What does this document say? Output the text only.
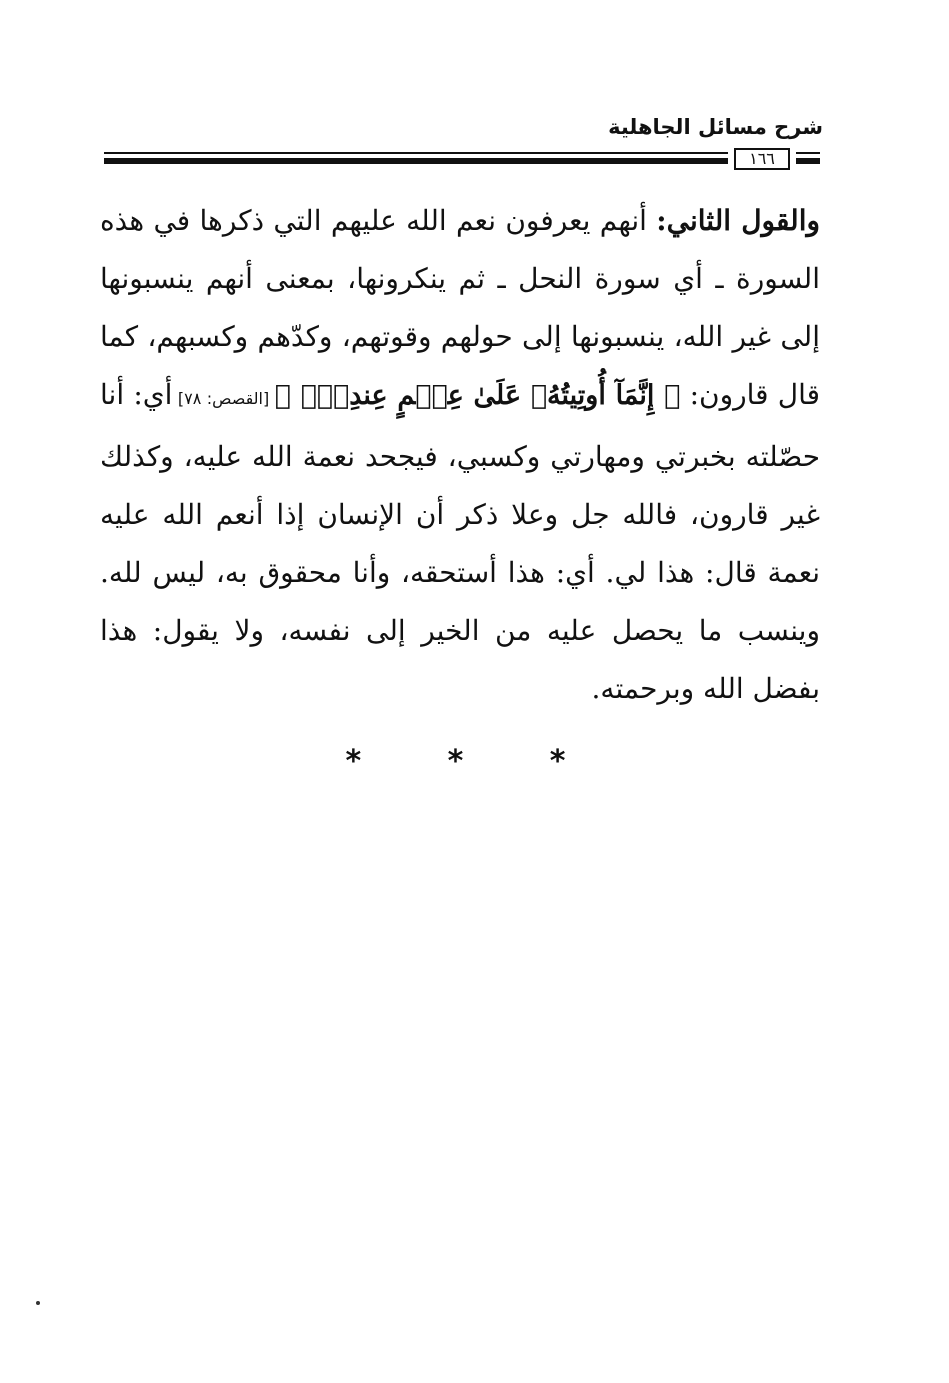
شرح مسائل الجاهلية
١٦٦

والقول الثاني: أنهم يعرفون نعم الله عليهم التي ذكرها في هذه السورة ـ أي سورة النحل ـ ثم ينكرونها، بمعنى أنهم ينسبونها إلى غير الله، ينسبونها إلى حولهم وقوتهم، وكدّهم وكسبهم، كما قال قارون: ﴿ إِنَّمَآ أُوتِيتُهُۥ عَلَىٰ عِلۡمٍ عِندِيٓۚ ﴾ [القصص: ٧٨] أي: أنا حصّلته بخبرتي ومهارتي وكسبي، فيجحد نعمة الله عليه، وكذلك غير قارون، فالله جل وعلا ذكر أن الإنسان إذا أنعم الله عليه نعمة قال: هذا لي. أي: هذا أستحقه، وأنا محقوق به، ليس لله. وينسب ما يحصل عليه من الخير إلى نفسه، ولا يقول: هذا بفضل الله وبرحمته.

* * *
